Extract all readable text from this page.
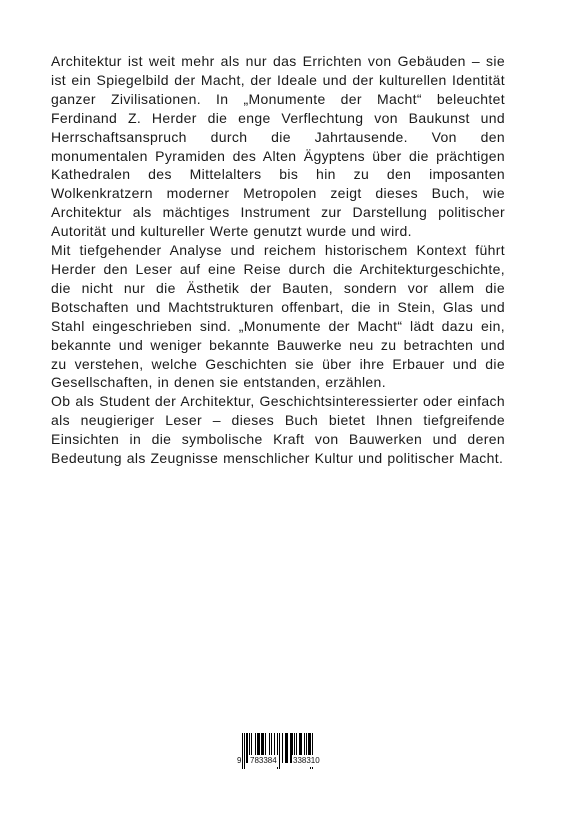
Architektur ist weit mehr als nur das Errichten von Gebäuden – sie ist ein Spiegelbild der Macht, der Ideale und der kulturellen Identität ganzer Zivilisationen. In „Monumente der Macht“ beleuchtet Ferdinand Z. Herder die enge Verflechtung von Baukunst und Herrschaftsanspruch durch die Jahrtausende. Von den monumentalen Pyramiden des Alten Ägyptens über die prächtigen Kathedralen des Mittelalters bis hin zu den imposanten Wolkenkratzern moderner Metropolen zeigt dieses Buch, wie Architektur als mächtiges Instrument zur Darstellung politischer Autorität und kultureller Werte genutzt wurde und wird.

Mit tiefgehender Analyse und reichem historischem Kontext führt Herder den Leser auf eine Reise durch die Architekturgeschichte, die nicht nur die Ästhetik der Bauten, sondern vor allem die Botschaften und Machtstrukturen offenbart, die in Stein, Glas und Stahl eingeschrieben sind. „Monumente der Macht“ lädt dazu ein, bekannte und weniger bekannte Bauwerke neu zu betrachten und zu verstehen, welche Geschichten sie über ihre Erbauer und die Gesellschaften, in denen sie entstanden, erzählen.

Ob als Student der Architektur, Geschichtsinteressierter oder einfach als neugieriger Leser – dieses Buch bietet Ihnen tiefgreifende Einsichten in die symbolische Kraft von Bauwerken und deren Bedeutung als Zeugnisse menschlicher Kultur und politischer Macht.

9 783384 338310
